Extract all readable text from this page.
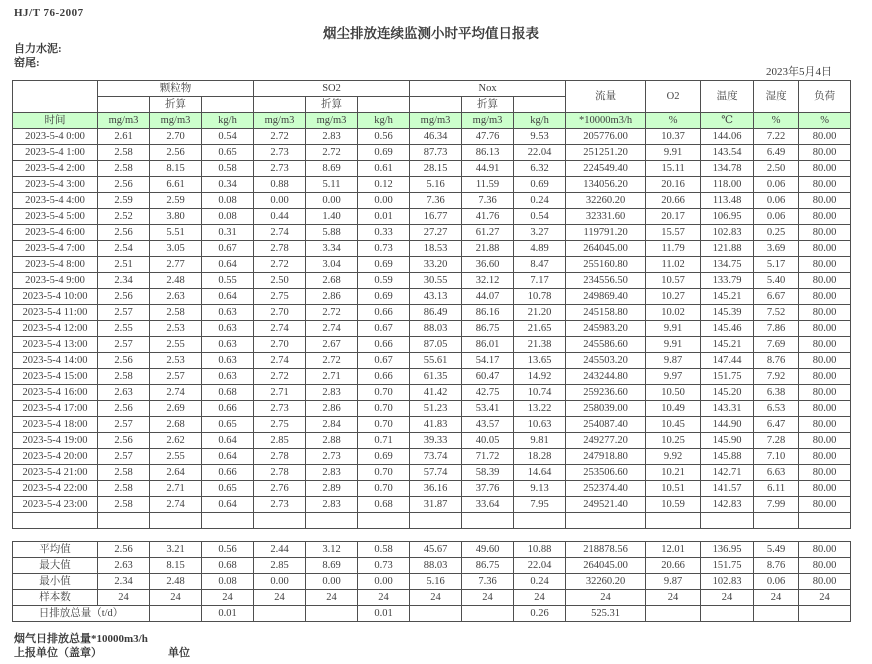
HJ/T 76-2007
烟尘排放连续监测小时平均值日报表
自力水泥:
窑尾:
2023年5月4日
	颗粒物			SO2			Nox			流量	O2	温度	湿度	负荷
		折算			折算			折算						
时间	mg/m3	mg/m3	kg/h	mg/m3	mg/m3	kg/h	mg/m3	mg/m3	kg/h	*10000m3/h	%	℃	%	%
2023-5-4 0:00	2.61	2.70	0.54	2.72	2.83	0.56	46.34	47.76	9.53	205776.00	10.37	144.06	7.22	80.00
2023-5-4 1:00	2.58	2.56	0.65	2.73	2.72	0.69	87.73	86.13	22.04	251251.20	9.91	143.54	6.49	80.00
2023-5-4 2:00	2.58	8.15	0.58	2.73	8.69	0.61	28.15	44.91	6.32	224549.40	15.11	134.78	2.50	80.00
2023-5-4 3:00	2.56	6.61	0.34	0.88	5.11	0.12	5.16	11.59	0.69	134056.20	20.16	118.00	0.06	80.00
2023-5-4 4:00	2.59	2.59	0.08	0.00	0.00	0.00	7.36	7.36	0.24	32260.20	20.66	113.48	0.06	80.00
2023-5-4 5:00	2.52	3.80	0.08	0.44	1.40	0.01	16.77	41.76	0.54	32331.60	20.17	106.95	0.06	80.00
2023-5-4 6:00	2.56	5.51	0.31	2.74	5.88	0.33	27.27	61.27	3.27	119791.20	15.57	102.83	0.25	80.00
2023-5-4 7:00	2.54	3.05	0.67	2.78	3.34	0.73	18.53	21.88	4.89	264045.00	11.79	121.88	3.69	80.00
2023-5-4 8:00	2.51	2.77	0.64	2.72	3.04	0.69	33.20	36.60	8.47	255160.80	11.02	134.75	5.17	80.00
2023-5-4 9:00	2.34	2.48	0.55	2.50	2.68	0.59	30.55	32.12	7.17	234556.50	10.57	133.79	5.40	80.00
2023-5-4 10:00	2.56	2.63	0.64	2.75	2.86	0.69	43.13	44.07	10.78	249869.40	10.27	145.21	6.67	80.00
2023-5-4 11:00	2.57	2.58	0.63	2.70	2.72	0.66	86.49	86.16	21.20	245158.80	10.02	145.39	7.52	80.00
2023-5-4 12:00	2.55	2.53	0.63	2.74	2.74	0.67	88.03	86.75	21.65	245983.20	9.91	145.46	7.86	80.00
2023-5-4 13:00	2.57	2.55	0.63	2.70	2.67	0.66	87.05	86.01	21.38	245586.60	9.91	145.21	7.69	80.00
2023-5-4 14:00	2.56	2.53	0.63	2.74	2.72	0.67	55.61	54.17	13.65	245503.20	9.87	147.44	8.76	80.00
2023-5-4 15:00	2.58	2.57	0.63	2.72	2.71	0.66	61.35	60.47	14.92	243244.80	9.97	151.75	7.92	80.00
2023-5-4 16:00	2.63	2.74	0.68	2.71	2.83	0.70	41.42	42.75	10.74	259236.60	10.50	145.20	6.38	80.00
2023-5-4 17:00	2.56	2.69	0.66	2.73	2.86	0.70	51.23	53.41	13.22	258039.00	10.49	143.31	6.53	80.00
2023-5-4 18:00	2.57	2.68	0.65	2.75	2.84	0.70	41.83	43.57	10.63	254087.40	10.45	144.90	6.47	80.00
2023-5-4 19:00	2.56	2.62	0.64	2.85	2.88	0.71	39.33	40.05	9.81	249277.20	10.25	145.90	7.28	80.00
2023-5-4 20:00	2.57	2.55	0.64	2.78	2.73	0.69	73.74	71.72	18.28	247918.80	9.92	145.88	7.10	80.00
2023-5-4 21:00	2.58	2.64	0.66	2.78	2.83	0.70	57.74	58.39	14.64	253506.60	10.21	142.71	6.63	80.00
2023-5-4 22:00	2.58	2.71	0.65	2.76	2.89	0.70	36.16	37.76	9.13	252374.40	10.51	141.57	6.11	80.00
2023-5-4 23:00	2.58	2.74	0.64	2.73	2.83	0.68	31.87	33.64	7.95	249521.40	10.59	142.83	7.99	80.00

平均值	2.56	3.21	0.56	2.44	3.12	0.58	45.67	49.60	10.88	218878.56	12.01	136.95	5.49	80.00
最大值	2.63	8.15	0.68	2.85	8.69	0.73	88.03	86.75	22.04	264045.00	20.66	151.75	8.76	80.00
最小值	2.34	2.48	0.08	0.00	0.00	0.00	5.16	7.36	0.24	32260.20	9.87	102.83	0.06	80.00
样本数	24	24	24	24	24	24	24	24	24	24	24	24	24	24
日排放总量（t/d）			0.01			0.01			0.26	525.31				
烟气日排放总量*10000m3/h
上报单位（盖章）	单位
